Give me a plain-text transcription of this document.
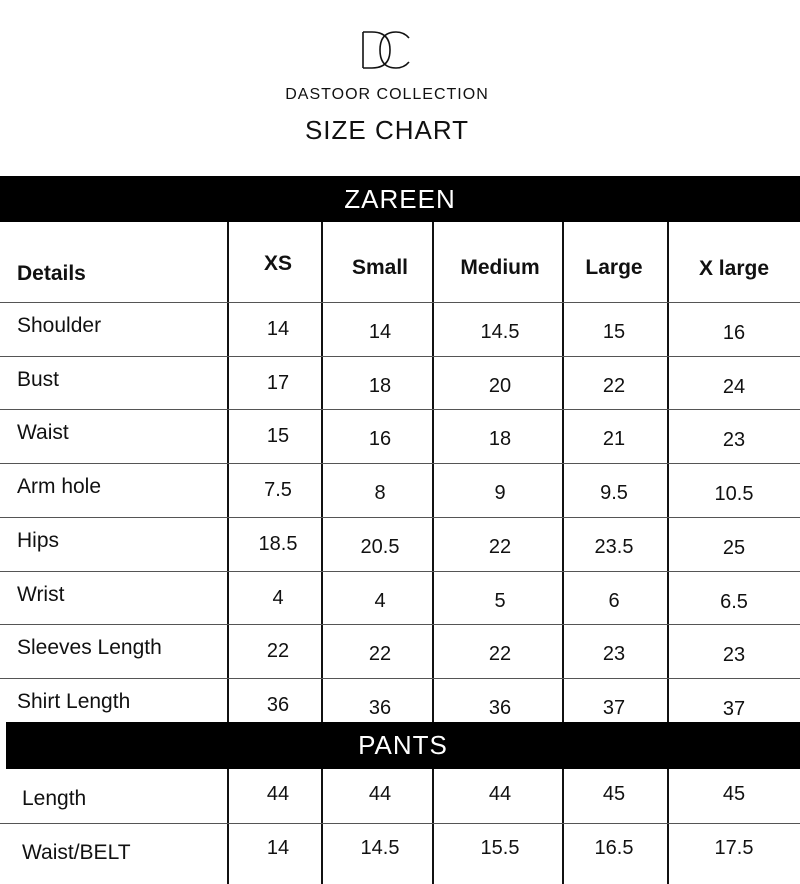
DASTOOR COLLECTION
SIZE CHART
ZAREEN
Details	XS	Small	Medium	Large	X large
Shoulder	14	14	14.5	15	16
Bust	17	18	20	22	24
Waist	15	16	18	21	23
Arm hole	7.5	8	9	9.5	10.5
Hips	18.5	20.5	22	23.5	25
Wrist	4	4	5	6	6.5
Sleeves Length	22	22	22	23	23
Shirt Length	36	36	36	37	37
PANTS
Length	44	44	44	45	45
Waist/BELT	14	14.5	15.5	16.5	17.5
